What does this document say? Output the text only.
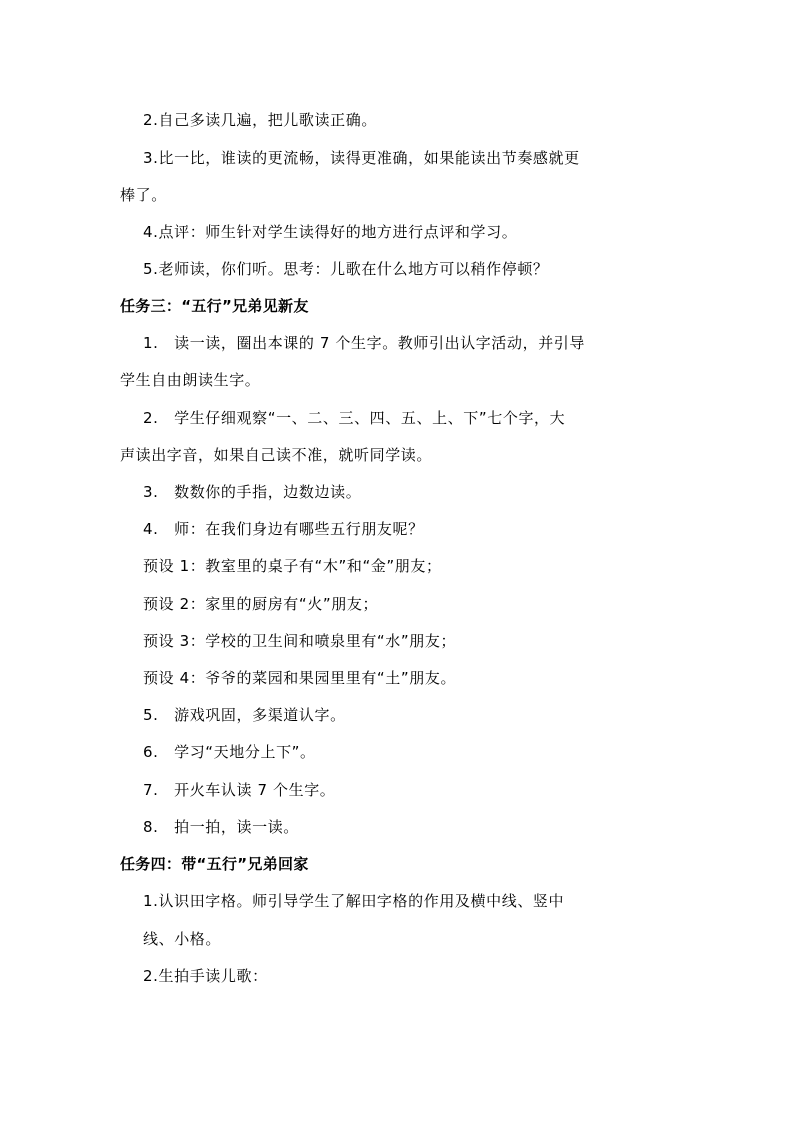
2.自己多读几遍，把儿歌读正确。
3.比一比，谁读的更流畅，读得更准确，如果能读出节奏感就更
棒了。
4.点评：师生针对学生读得好的地方进行点评和学习。
5.老师读，你们听。思考：儿歌在什么地方可以稍作停顿？
任务三：“五行”兄弟见新友
1.　读一读，圈出本课的 7 个生字。教师引出认字活动，并引导
学生自由朗读生字。
2.　学生仔细观察“一、二、三、四、五、上、下”七个字，大
声读出字音，如果自己读不准，就听同学读。
3.　数数你的手指，边数边读。
4.　师：在我们身边有哪些五行朋友呢？
预设 1：教室里的桌子有“木”和“金”朋友；
预设 2：家里的厨房有“火”朋友；
预设 3：学校的卫生间和喷泉里有“水”朋友；
预设 4：爷爷的菜园和果园里里有“土”朋友。
5.　游戏巩固，多渠道认字。
6.　学习“天地分上下”。
7.　开火车认读 7 个生字。
8.　拍一拍，读一读。
任务四：带“五行”兄弟回家
1.认识田字格。师引导学生了解田字格的作用及横中线、竖中
线、小格。
2.生拍手读儿歌：
